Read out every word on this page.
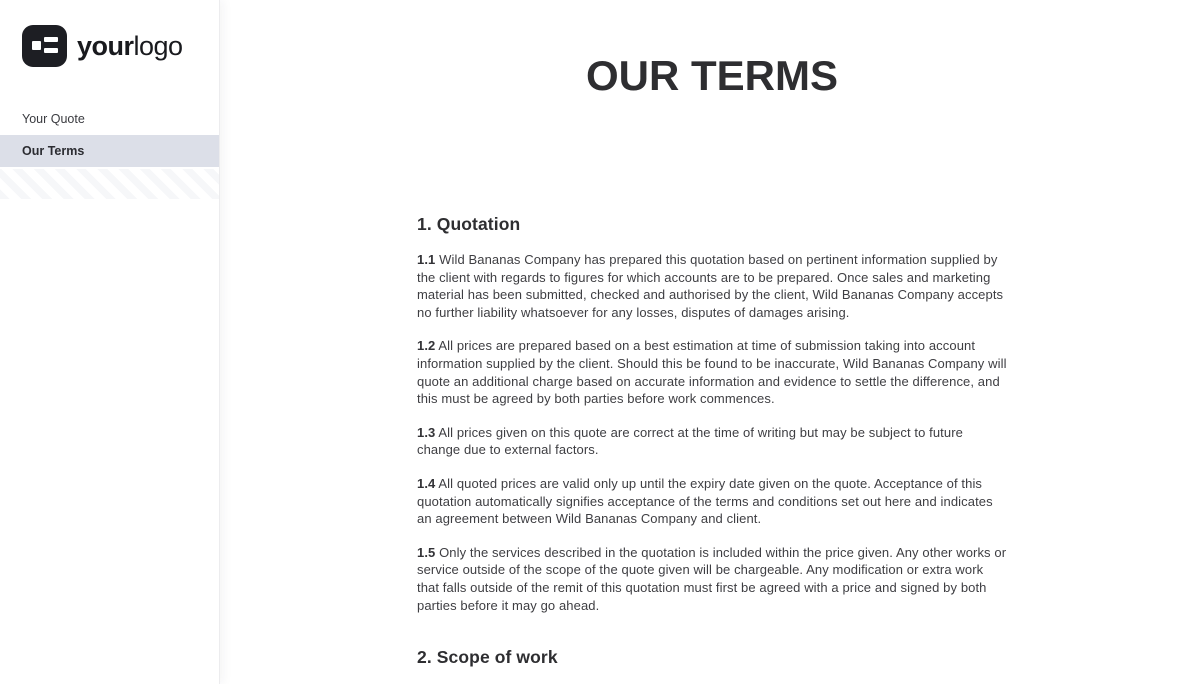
yourlogo
Your Quote
Our Terms
OUR TERMS
1. Quotation

1.1 Wild Bananas Company has prepared this quotation based on pertinent information supplied by the client with regards to figures for which accounts are to be prepared. Once sales and marketing material has been submitted, checked and authorised by the client, Wild Bananas Company accepts no further liability whatsoever for any losses, disputes of damages arising.

1.2 All prices are prepared based on a best estimation at time of submission taking into account information supplied by the client. Should this be found to be inaccurate, Wild Bananas Company will quote an additional charge based on accurate information and evidence to settle the difference, and this must be agreed by both parties before work commences.

1.3 All prices given on this quote are correct at the time of writing but may be subject to future change due to external factors.

1.4 All quoted prices are valid only up until the expiry date given on the quote. Acceptance of this quotation automatically signifies acceptance of the terms and conditions set out here and indicates an agreement between Wild Bananas Company and client.

1.5 Only the services described in the quotation is included within the price given. Any other works or service outside of the scope of the quote given will be chargeable. Any modification or extra work that falls outside of the remit of this quotation must first be agreed with a price and signed by both parties before it may go ahead.

2. Scope of work
